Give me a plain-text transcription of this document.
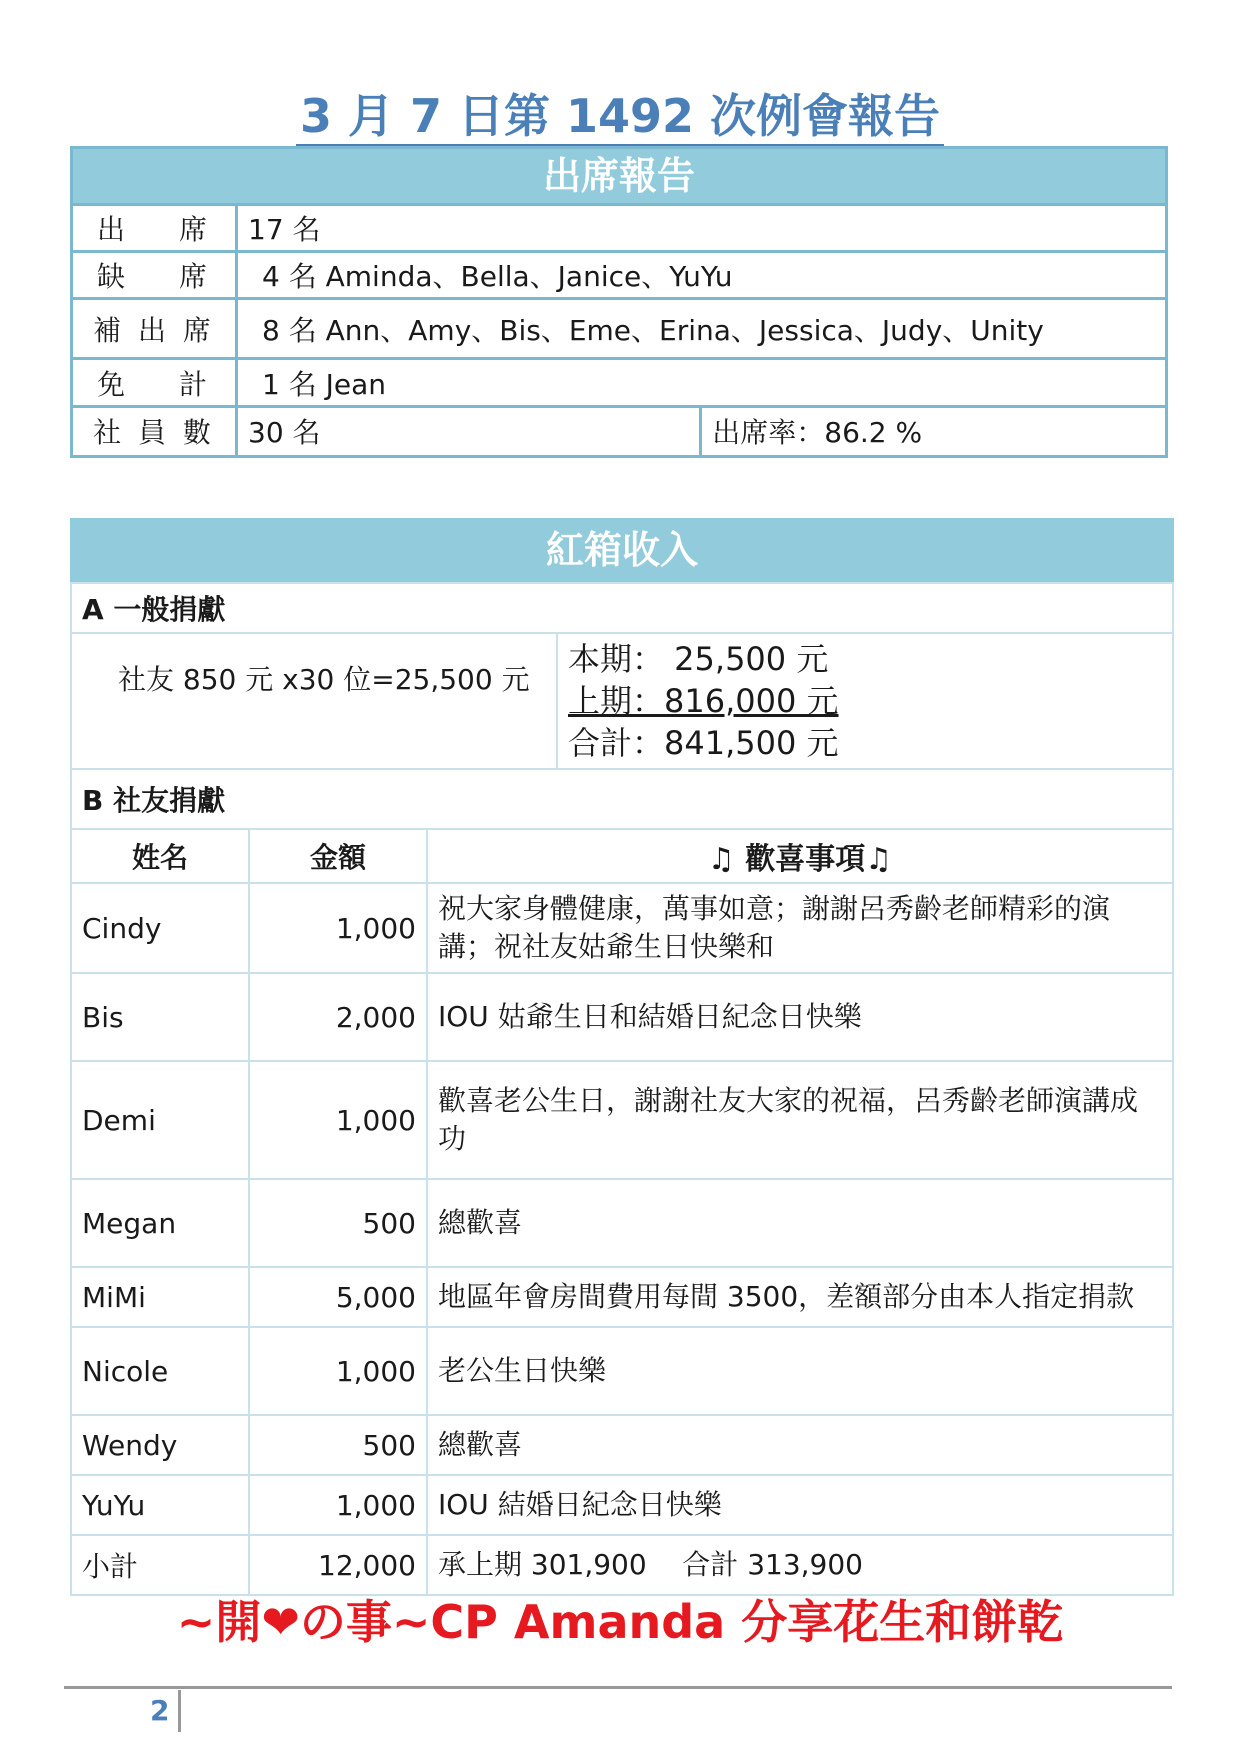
3 月 7 日第 1492 次例會報告
出席報告
出 席	17 名	

缺 席	4 名 Aminda、Bella、Janice、YuYu	
補 出 席	8 名 Ann、Amy、Bis、Eme、Erina、Jessica、Judy、Unity	

免 計	1 名 Jean	
社 員 數	30 名	出席率：86.2 %
紅箱收入
A 一般捐獻			
社友 850 元 x30 位=25,500 元			本期： 25,500 元
上期：816,000 元
合計：841,500 元

B 社友捐獻			
姓名	金額	♫ 歡喜事項♫	
Cindy	1,000	祝大家身體健康，萬事如意；謝謝呂秀齡老師精彩的演講；祝社友姑爺生日快樂和	
Bis	2,000	IOU 姑爺生日和結婚日紀念日快樂	
Demi	1,000	歡喜老公生日，謝謝社友大家的祝福，呂秀齡老師演講成功	
Megan	500	總歡喜	
MiMi	5,000	地區年會房間費用每間 3500，差額部分由本人指定捐款	
Nicole	1,000	老公生日快樂	
Wendy	500	總歡喜	
YuYu	1,000	IOU 結婚日紀念日快樂	
小計	12,000	承上期 301,900    合計 313,900	
~開❤の事~CP Amanda 分享花生和餅乾
2
